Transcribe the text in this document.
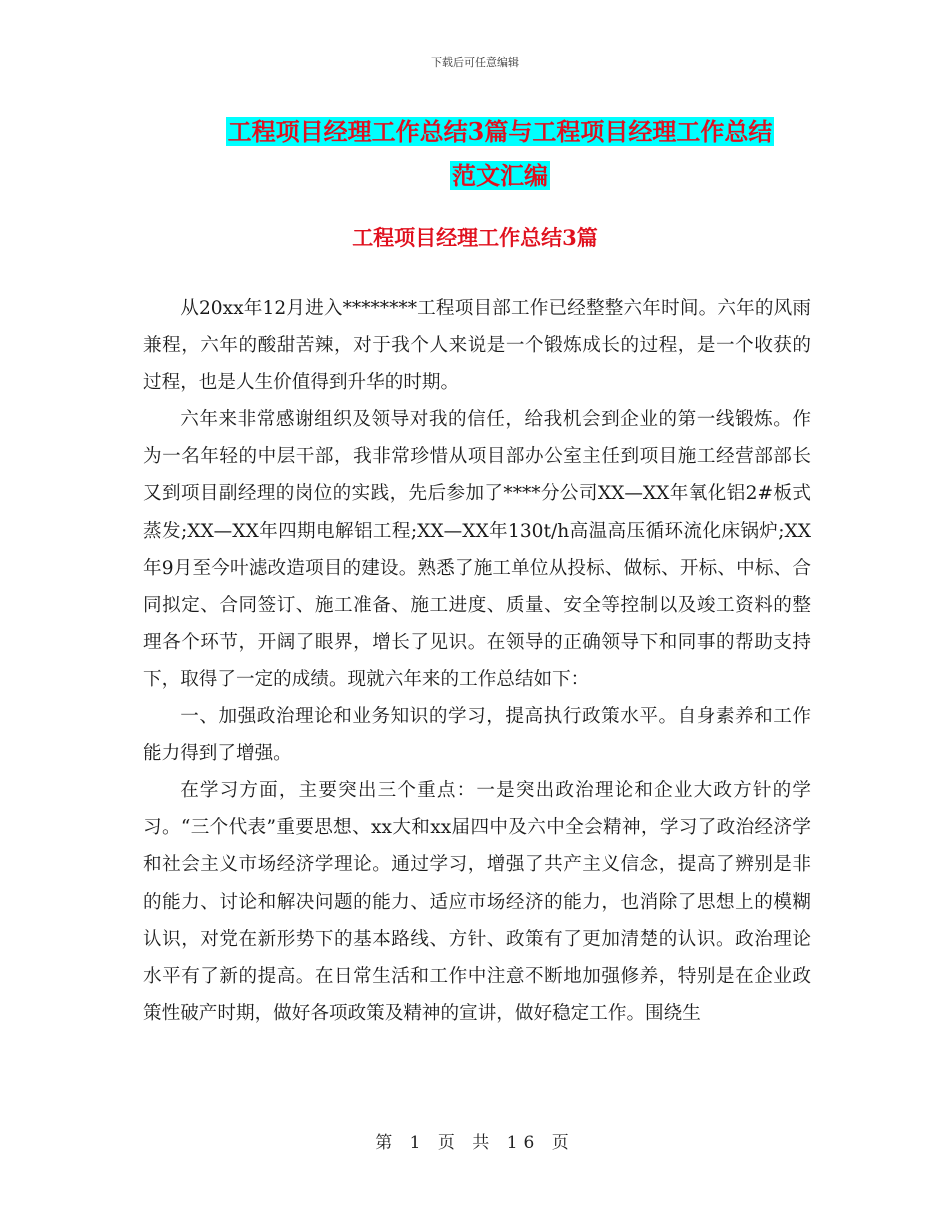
下载后可任意编辑
工程项目经理工作总结3篇与工程项目经理工作总结
范文汇编
工程项目经理工作总结3篇

从20xx年12月进入********工程项目部工作已经整整六年时间。六年的风雨兼程，六年的酸甜苦辣，对于我个人来说是一个锻炼成长的过程，是一个收获的过程，也是人生价值得到升华的时期。

六年来非常感谢组织及领导对我的信任，给我机会到企业的第一线锻炼。作为一名年轻的中层干部，我非常珍惜从项目部办公室主任到项目施工经营部部长又到项目副经理的岗位的实践，先后参加了****分公司XX—XX年氧化铝2#板式蒸发;XX—XX年四期电解铝工程;XX—XX年130t/h高温高压循环流化床锅炉;XX年9月至今叶滤改造项目的建设。熟悉了施工单位从投标、做标、开标、中标、合同拟定、合同签订、施工准备、施工进度、质量、安全等控制以及竣工资料的整理各个环节，开阔了眼界，增长了见识。在领导的正确领导下和同事的帮助支持下，取得了一定的成绩。现就六年来的工作总结如下：

一、加强政治理论和业务知识的学习，提高执行政策水平。自身素养和工作能力得到了增强。

在学习方面，主要突出三个重点：一是突出政治理论和企业大政方针的学习。“三个代表”重要思想、xx大和xx届四中及六中全会精神，学习了政治经济学和社会主义市场经济学理论。通过学习，增强了共产主义信念，提高了辨别是非的能力、讨论和解决问题的能力、适应市场经济的能力，也消除了思想上的模糊认识，对党在新形势下的基本路线、方针、政策有了更加清楚的认识。政治理论水平有了新的提高。在日常生活和工作中注意不断地加强修养，特别是在企业政策性破产时期，做好各项政策及精神的宣讲，做好稳定工作。围绕生

第 1 页 共 16 页
